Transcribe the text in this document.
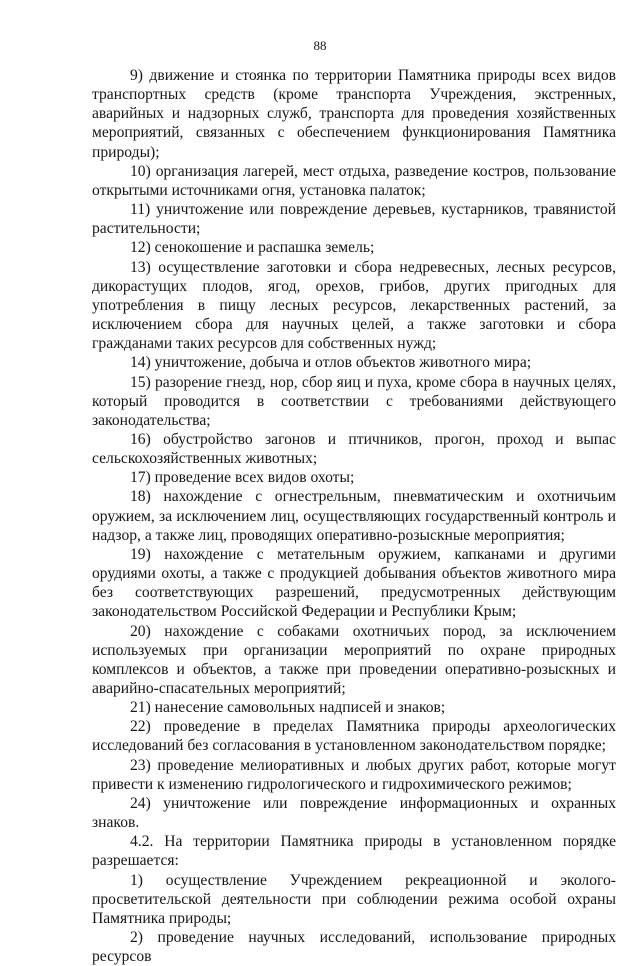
88

9) движение и стоянка по территории Памятника природы всех видов транспортных средств (кроме транспорта Учреждения, экстренных, аварийных и надзорных служб, транспорта для проведения хозяйственных мероприятий, связанных с обеспечением функционирования Памятника природы);

10) организация лагерей, мест отдыха, разведение костров, пользование открытыми источниками огня, установка палаток;

11) уничтожение или повреждение деревьев, кустарников, травянистой растительности;

12) сенокошение и распашка земель;

13) осуществление заготовки и сбора недревесных, лесных ресурсов, дикорастущих плодов, ягод, орехов, грибов, других пригодных для употребления в пищу лесных ресурсов, лекарственных растений, за исключением сбора для научных целей, а также заготовки и сбора гражданами таких ресурсов для собственных нужд;

14) уничтожение, добыча и отлов объектов животного мира;

15) разорение гнезд, нор, сбор яиц и пуха, кроме сбора в научных целях, который проводится в соответствии с требованиями действующего законодательства;

16) обустройство загонов и птичников, прогон, проход и выпас сельскохозяйственных животных;

17) проведение всех видов охоты;

18) нахождение с огнестрельным, пневматическим и охотничьим оружием, за исключением лиц, осуществляющих государственный контроль и надзор, а также лиц, проводящих оперативно-розыскные мероприятия;

19) нахождение с метательным оружием, капканами и другими орудиями охоты, а также с продукцией добывания объектов животного мира без соответствующих разрешений, предусмотренных действующим законодательством Российской Федерации и Республики Крым;

20) нахождение с собаками охотничьих пород, за исключением используемых при организации мероприятий по охране природных комплексов и объектов, а также при проведении оперативно-розыскных и аварийно-спасательных мероприятий;

21) нанесение самовольных надписей и знаков;

22) проведение в пределах Памятника природы археологических исследований без согласования в установленном законодательством порядке;

23) проведение мелиоративных и любых других работ, которые могут привести к изменению гидрологического и гидрохимического режимов;

24) уничтожение или повреждение информационных и охранных знаков.

4.2. На территории Памятника природы в установленном порядке разрешается:

1) осуществление Учреждением рекреационной и эколого-просветительской деятельности при соблюдении режима особой охраны Памятника природы;

2) проведение научных исследований, использование природных ресурсов
